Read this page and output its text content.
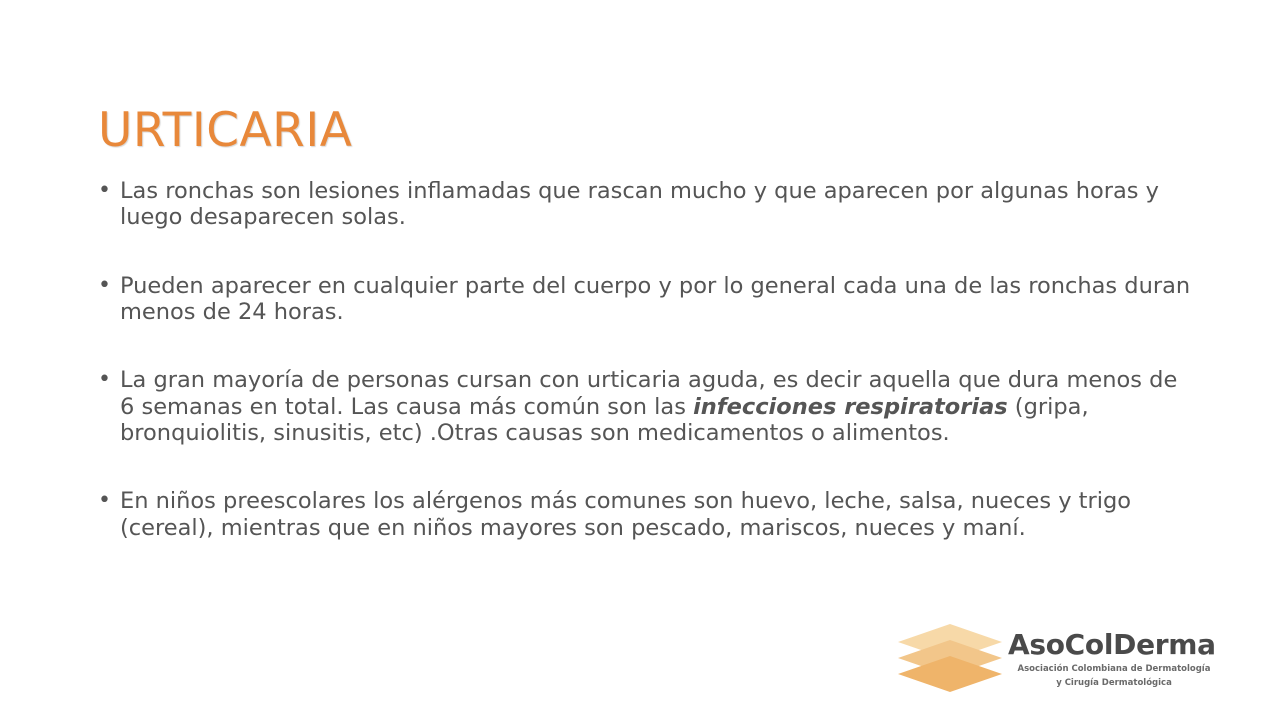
URTICARIA
• Las ronchas son lesiones inflamadas que rascan mucho y que aparecen por algunas horas y luego desaparecen solas.
• Pueden aparecer en cualquier parte del cuerpo y por lo general cada una de las ronchas duran menos de 24 horas.
• La gran mayoría de personas cursan con urticaria aguda, es decir aquella que dura menos de 6 semanas en total. Las causa más común son las infecciones respiratorias (gripa, bronquiolitis, sinusitis, etc) .Otras causas son medicamentos o alimentos.
• En niños preescolares los alérgenos más comunes son huevo, leche, salsa, nueces y trigo (cereal), mientras que en niños mayores son pescado, mariscos, nueces y maní.
AsoColDerma
Asociación Colombiana de Dermatología
y Cirugía Dermatológica
